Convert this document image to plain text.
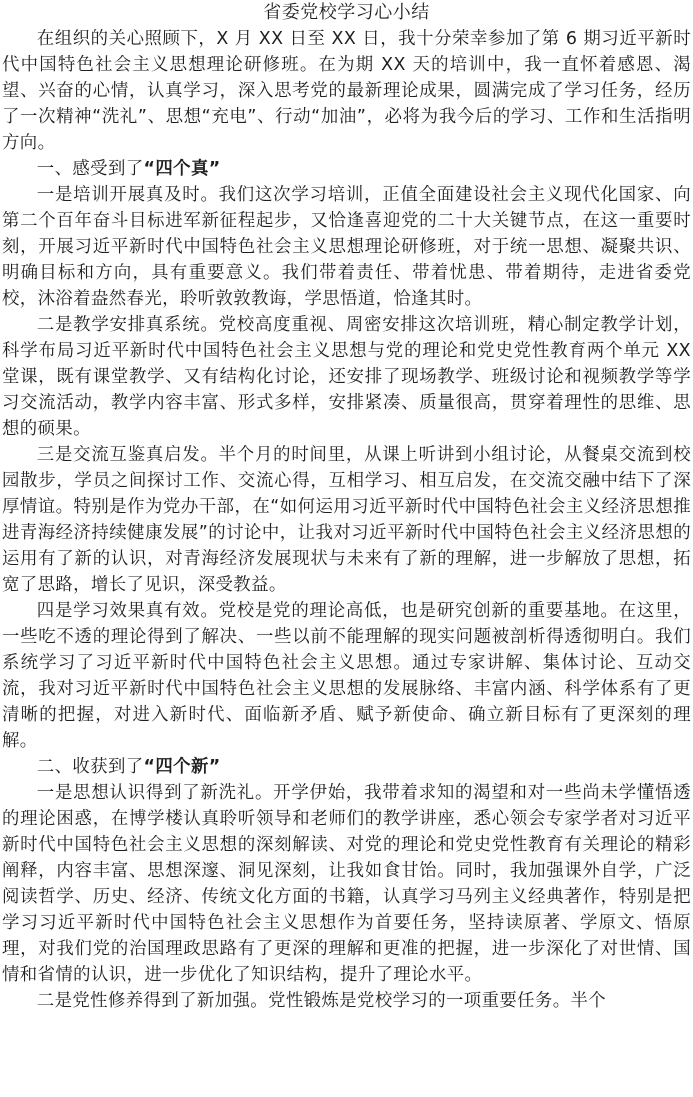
省委党校学习心小结

在组织的关心照顾下，X 月 XX 日至 XX 日，我十分荣幸参加了第 6 期习近平新时代中国特色社会主义思想理论研修班。在为期 XX 天的培训中，我一直怀着感恩、渴望、兴奋的心情，认真学习，深入思考党的最新理论成果，圆满完成了学习任务，经历了一次精神“洗礼”、思想“充电”、行动“加油”，必将为我今后的学习、工作和生活指明方向。

一、感受到了“四个真”

一是培训开展真及时。我们这次学习培训，正值全面建设社会主义现代化国家、向第二个百年奋斗目标进军新征程起步，又恰逢喜迎党的二十大关键节点，在这一重要时刻，开展习近平新时代中国特色社会主义思想理论研修班，对于统一思想、凝聚共识、明确目标和方向，具有重要意义。我们带着责任、带着忧患、带着期待，走进省委党校，沐浴着盎然春光，聆听敦敦教诲，学思悟道，恰逢其时。

二是教学安排真系统。党校高度重视、周密安排这次培训班，精心制定教学计划，科学布局习近平新时代中国特色社会主义思想与党的理论和党史党性教育两个单元 XX 堂课，既有课堂教学、又有结构化讨论，还安排了现场教学、班级讨论和视频教学等学习交流活动，教学内容丰富、形式多样，安排紧凑、质量很高，贯穿着理性的思维、思想的硕果。

三是交流互鉴真启发。半个月的时间里，从课上听讲到小组讨论，从餐桌交流到校园散步，学员之间探讨工作、交流心得，互相学习、相互启发，在交流交融中结下了深厚情谊。特别是作为党办干部，在“如何运用习近平新时代中国特色社会主义经济思想推进青海经济持续健康发展”的讨论中，让我对习近平新时代中国特色社会主义经济思想的运用有了新的认识，对青海经济发展现状与未来有了新的理解，进一步解放了思想，拓宽了思路，增长了见识，深受教益。

四是学习效果真有效。党校是党的理论高低，也是研究创新的重要基地。在这里，一些吃不透的理论得到了解决、一些以前不能理解的现实问题被剖析得透彻明白。我们系统学习了习近平新时代中国特色社会主义思想。通过专家讲解、集体讨论、互动交流，我对习近平新时代中国特色社会主义思想的发展脉络、丰富内涵、科学体系有了更清晰的把握，对进入新时代、面临新矛盾、赋予新使命、确立新目标有了更深刻的理解。

二、收获到了“四个新”

一是思想认识得到了新洗礼。开学伊始，我带着求知的渴望和对一些尚未学懂悟透的理论困惑，在博学楼认真聆听领导和老师们的教学讲座，悉心领会专家学者对习近平新时代中国特色社会主义思想的深刻解读、对党的理论和党史党性教育有关理论的精彩阐释，内容丰富、思想深邃、洞见深刻，让我如食甘饴。同时，我加强课外自学，广泛阅读哲学、历史、经济、传统文化方面的书籍，认真学习马列主义经典著作，特别是把学习习近平新时代中国特色社会主义思想作为首要任务，坚持读原著、学原文、悟原理，对我们党的治国理政思路有了更深的理解和更准的把握，进一步深化了对世情、国情和省情的认识，进一步优化了知识结构，提升了理论水平。

二是党性修养得到了新加强。党性锻炼是党校学习的一项重要任务。半个
